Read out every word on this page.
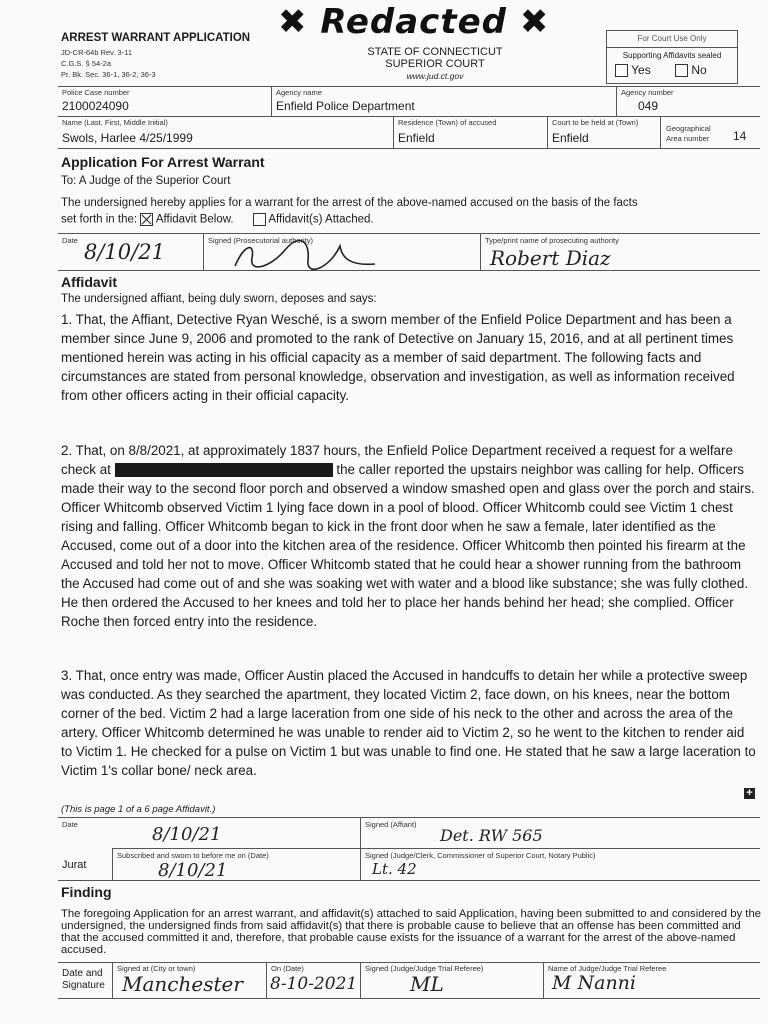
✖ Redacted ✖
ARREST WARRANT APPLICATION
JD-CR-64b Rev. 3-11
C.G.S. § 54-2a
Pr. Bk. Sec. 36-1, 36-2, 36-3
STATE OF CONNECTICUT
SUPERIOR COURT
www.jud.ct.gov
For Court Use Only
Supporting Affidavits sealed
Yes	No
Police Case number
2100024090
Agency name
Enfield Police Department
Agency number
049
Name (Last, First, Middle Initial)
Swols, Harlee 4/25/1999
Residence (Town) of accused
Enfield
Court to be held at (Town)
Enfield
Geographical
Area number 14
Application For Arrest Warrant
To: A Judge of the Superior Court
The undersigned hereby applies for a warrant for the arrest of the above-named accused on the basis of the facts
set forth in the: Affidavit Below.	Affidavit(s) Attached.
Date 8/10/21	Signed (Prosecutorial authority)	Type/print name of prosecuting authority
Robert Diaz
Affidavit
The undersigned affiant, being duly sworn, deposes and says:
1. That, the Affiant, Detective Ryan Wesché, is a sworn member of the Enfield Police Department and has been a member since June 9, 2006 and promoted to the rank of Detective on January 15, 2016, and at all pertinent times mentioned herein was acting in his official capacity as a member of said department. The following facts and circumstances are stated from personal knowledge, observation and investigation, as well as information received from other officers acting in their official capacity.
2. That, on 8/8/2021, at approximately 1837 hours, the Enfield Police Department received a request for a welfare check at	the caller reported the upstairs neighbor was calling for help. Officers made their way to the second floor porch and observed a window smashed open and glass over the porch and stairs. Officer Whitcomb observed Victim 1 lying face down in a pool of blood. Officer Whitcomb could see Victim 1 chest rising and falling. Officer Whitcomb began to kick in the front door when he saw a female, later identified as the Accused, come out of a door into the kitchen area of the residence. Officer Whitcomb then pointed his firearm at the Accused and told her not to move. Officer Whitcomb stated that he could hear a shower running from the bathroom the Accused had come out of and she was soaking wet with water and a blood like substance; she was fully clothed. He then ordered the Accused to her knees and told her to place her hands behind her head; she complied. Officer Roche then forced entry into the residence.
3. That, once entry was made, Officer Austin placed the Accused in handcuffs to detain her while a protective sweep was conducted. As they searched the apartment, they located Victim 2, face down, on his knees, near the bottom corner of the bed. Victim 2 had a large laceration from one side of his neck to the other and across the area of the artery. Officer Whitcomb determined he was unable to render aid to Victim 2, so he went to the kitchen to render aid to Victim 1. He checked for a pulse on Victim 1 but was unable to find one. He stated that he saw a large laceration to Victim 1's collar bone/ neck area.
(This is page 1 of a 6 page Affidavit.)
+
Date	8/10/21	Signed (Affiant)
Det. RW 565
Jurat
Subscribed and sworn to before me on (Date)
8/10/21
Signed (Judge/Clerk, Commissioner of Superior Court, Notary Public)
Lt. 42
Finding
The foregoing Application for an arrest warrant, and affidavit(s) attached to said Application, having been submitted to and considered by the undersigned, the undersigned finds from said affidavit(s) that there is probable cause to believe that an offense has been committed and that the accused committed it and, therefore, that probable cause exists for the issuance of a warrant for the arrest of the above-named accused.
Date and
Signature
Signed at (City or town)
Manchester
On (Date)
8-10-2021
Signed (Judge/Judge Trial Referee)
ML
Name of Judge/Judge Trial Referee
M Nanni
